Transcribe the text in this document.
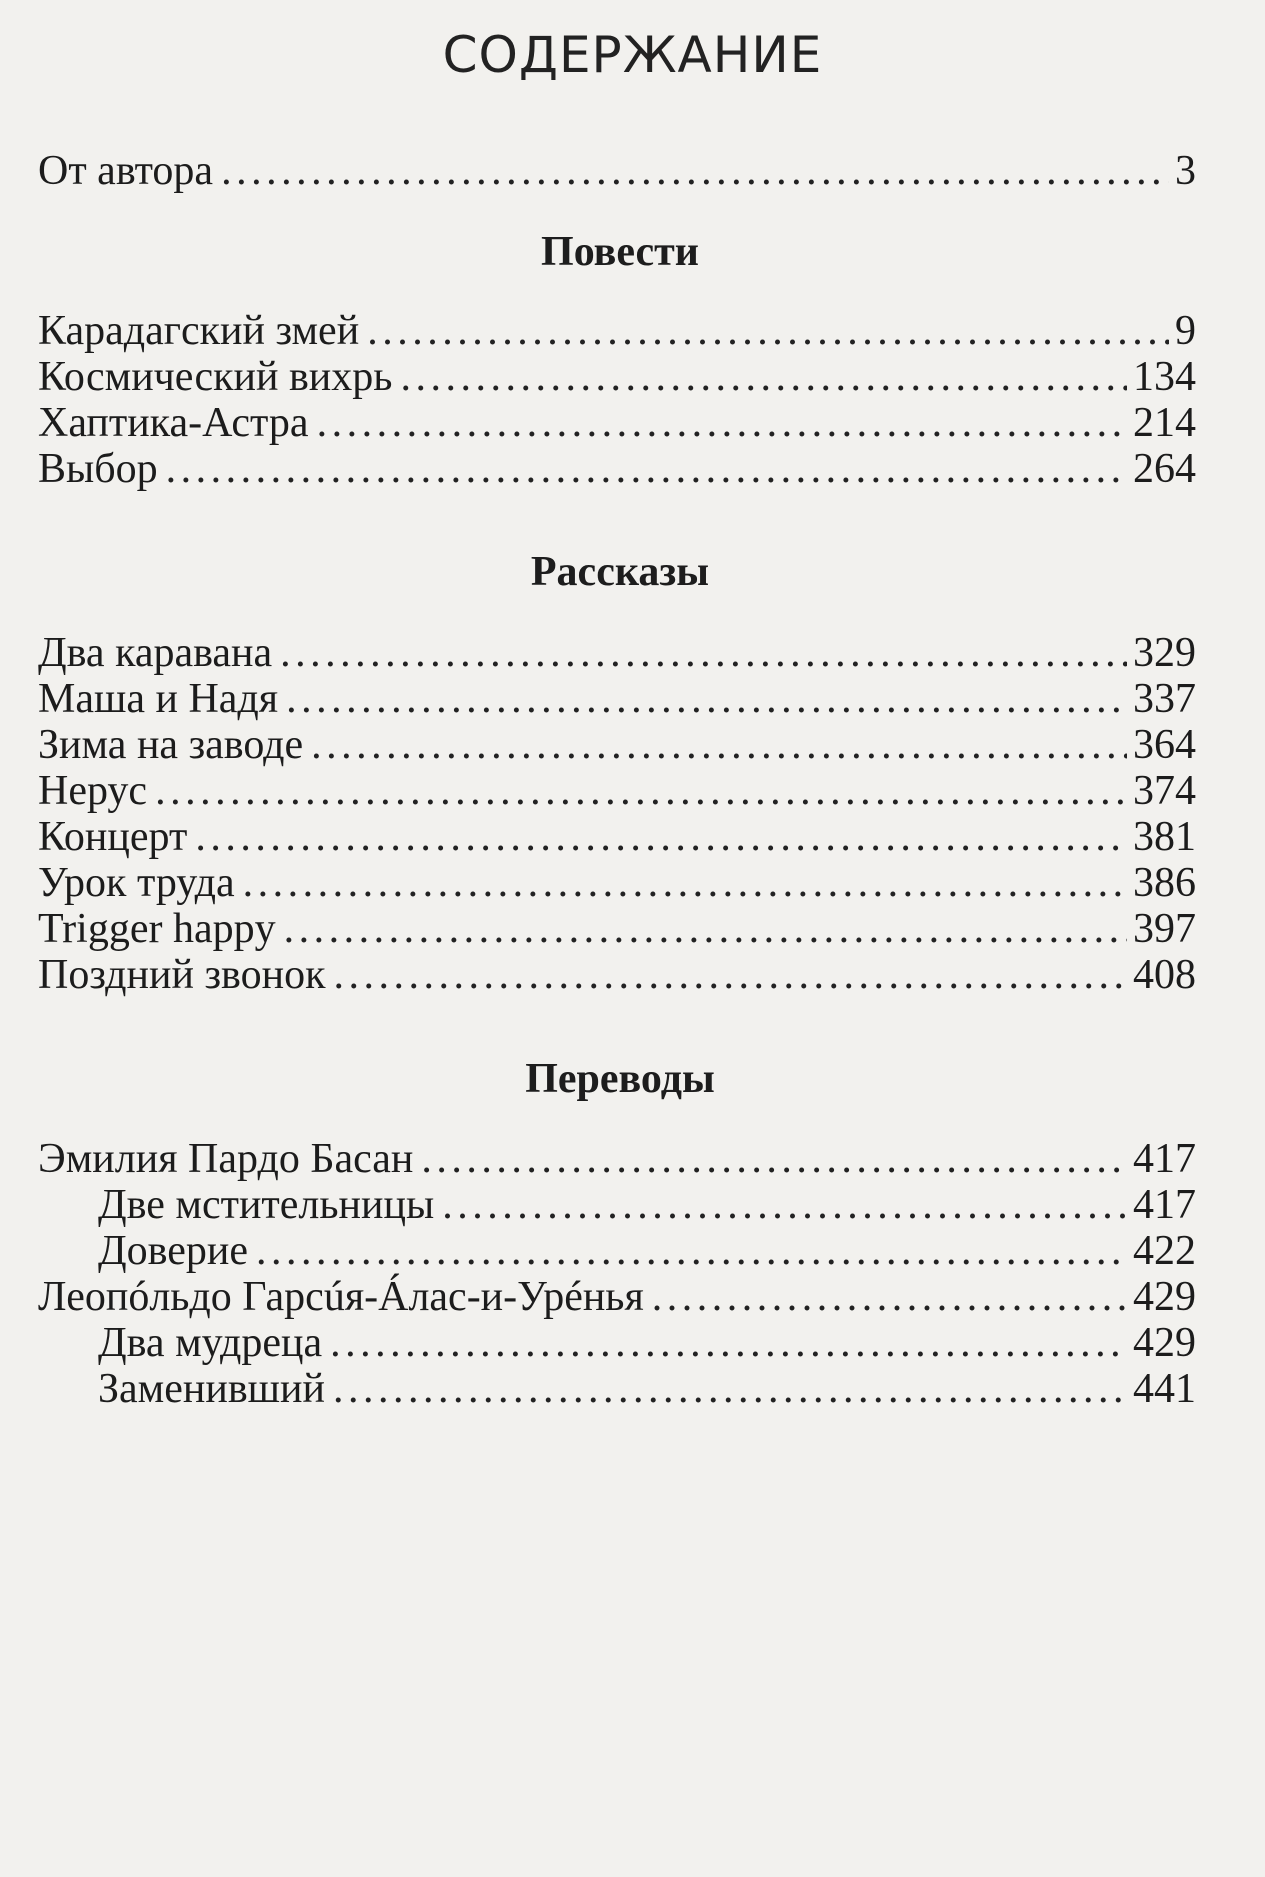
СОДЕРЖАНИЕ
От автора . . .	3
Повести
Карадагский змей . . .	9
Космический вихрь . . .	134
Хаптика-Астра . . .	214
Выбор . . .	264
Рассказы
Два каравана . . .	329
Маша и Надя . . .	337
Зима на заводе . . .	364
Нерус . . .	374
Концерт . . .	381
Урок труда . . .	386
Trigger happy . . .	397
Поздний звонок . . .	408
Переводы
Эмилия Пардо Басан . . .	417
Две мстительницы . . .	417
Доверие . . .	422
Леопóльдо Гарсúя-Áлас-и-Урéнья . . .	429
Два мудреца . . .	429
Заменивший . . .	441
